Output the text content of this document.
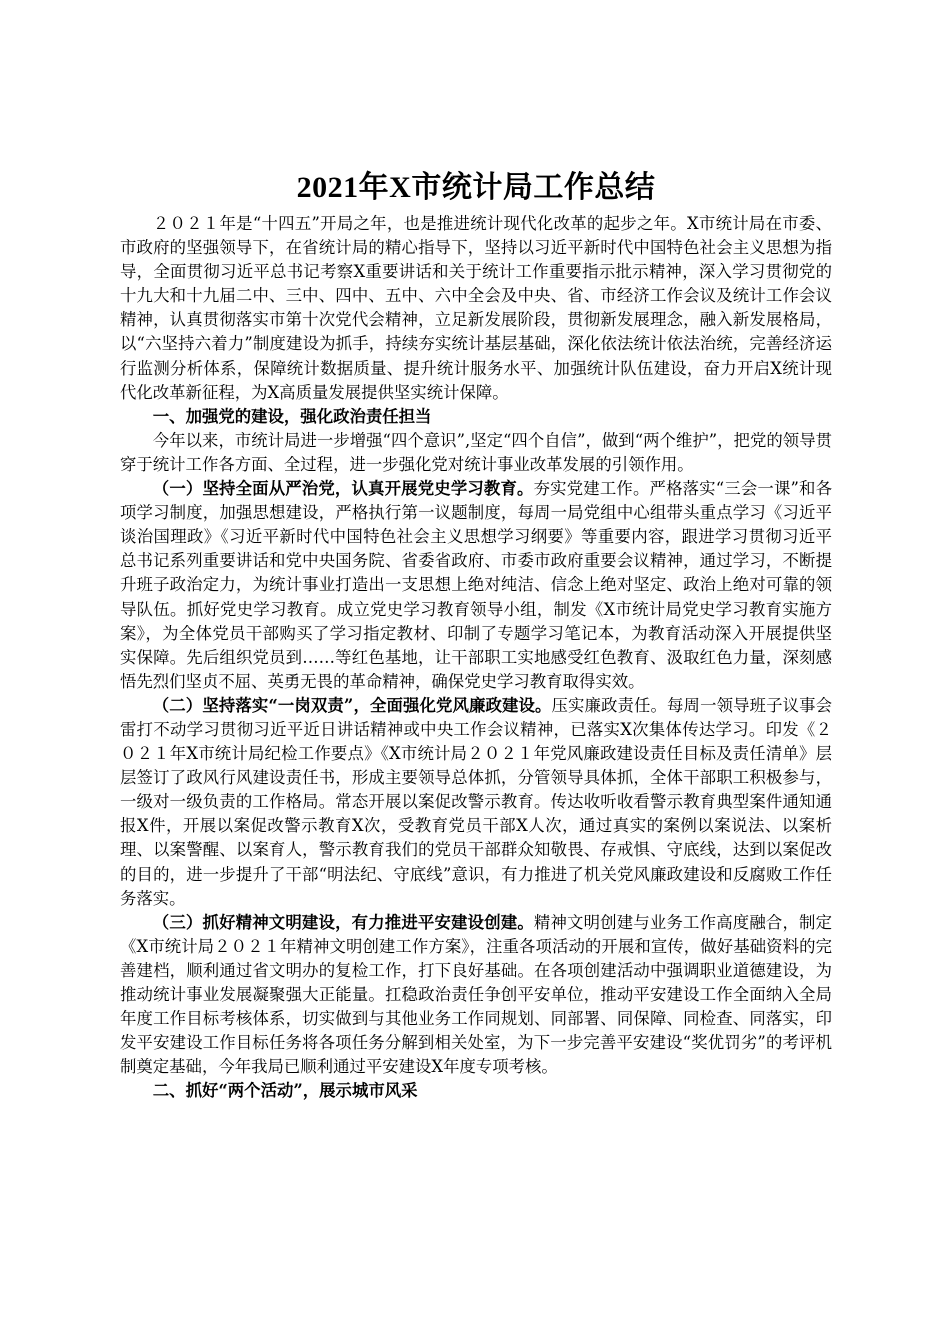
2021年X市统计局工作总结

２０２１年是“十四五”开局之年，也是推进统计现代化改革的起步之年。X市统计局在市委、市政府的坚强领导下，在省统计局的精心指导下，坚持以习近平新时代中国特色社会主义思想为指导，全面贯彻习近平总书记考察X重要讲话和关于统计工作重要指示批示精神，深入学习贯彻党的十九大和十九届二中、三中、四中、五中、六中全会及中央、省、市经济工作会议及统计工作会议精神，认真贯彻落实市第十次党代会精神，立足新发展阶段，贯彻新发展理念，融入新发展格局，以“六坚持六着力”制度建设为抓手，持续夯实统计基层基础，深化依法统计依法治统，完善经济运行监测分析体系，保障统计数据质量、提升统计服务水平、加强统计队伍建设，奋力开启X统计现代化改革新征程，为X高质量发展提供坚实统计保障。

一、加强党的建设，强化政治责任担当

今年以来，市统计局进一步增强“四个意识”,坚定“四个自信”，做到“两个维护”，把党的领导贯穿于统计工作各方面、全过程，进一步强化党对统计事业改革发展的引领作用。

（一）坚持全面从严治党，认真开展党史学习教育。夯实党建工作。严格落实“三会一课”和各项学习制度，加强思想建设，严格执行第一议题制度，每周一局党组中心组带头重点学习《习近平谈治国理政》《习近平新时代中国特色社会主义思想学习纲要》等重要内容，跟进学习贯彻习近平总书记系列重要讲话和党中央国务院、省委省政府、市委市政府重要会议精神，通过学习，不断提升班子政治定力，为统计事业打造出一支思想上绝对纯洁、信念上绝对坚定、政治上绝对可靠的领导队伍。抓好党史学习教育。成立党史学习教育领导小组，制发《X市统计局党史学习教育实施方案》，为全体党员干部购买了学习指定教材、印制了专题学习笔记本，为教育活动深入开展提供坚实保障。先后组织党员到……等红色基地，让干部职工实地感受红色教育、汲取红色力量，深刻感悟先烈们坚贞不屈、英勇无畏的革命精神，确保党史学习教育取得实效。

（二）坚持落实“一岗双责”，全面强化党风廉政建设。压实廉政责任。每周一领导班子议事会雷打不动学习贯彻习近平近日讲话精神或中央工作会议精神，已落实X次集体传达学习。印发《２０２１年X市统计局纪检工作要点》《X市统计局２０２１年党风廉政建设责任目标及责任清单》层层签订了政风行风建设责任书，形成主要领导总体抓，分管领导具体抓，全体干部职工积极参与，一级对一级负责的工作格局。常态开展以案促改警示教育。传达收听收看警示教育典型案件通知通报X件，开展以案促改警示教育X次，受教育党员干部X人次，通过真实的案例以案说法、以案析理、以案警醒、以案育人，警示教育我们的党员干部群众知敬畏、存戒惧、守底线，达到以案促改的目的，进一步提升了干部“明法纪、守底线”意识，有力推进了机关党风廉政建设和反腐败工作任务落实。

（三）抓好精神文明建设，有力推进平安建设创建。精神文明创建与业务工作高度融合，制定《X市统计局２０２１年精神文明创建工作方案》，注重各项活动的开展和宣传，做好基础资料的完善建档，顺利通过省文明办的复检工作，打下良好基础。在各项创建活动中强调职业道德建设，为推动统计事业发展凝聚强大正能量。扛稳政治责任争创平安单位，推动平安建设工作全面纳入全局年度工作目标考核体系，切实做到与其他业务工作同规划、同部署、同保障、同检查、同落实，印发平安建设工作目标任务将各项任务分解到相关处室，为下一步完善平安建设“奖优罚劣”的考评机制奠定基础，今年我局已顺利通过平安建设X年度专项考核。

二、抓好“两个活动”，展示城市风采
